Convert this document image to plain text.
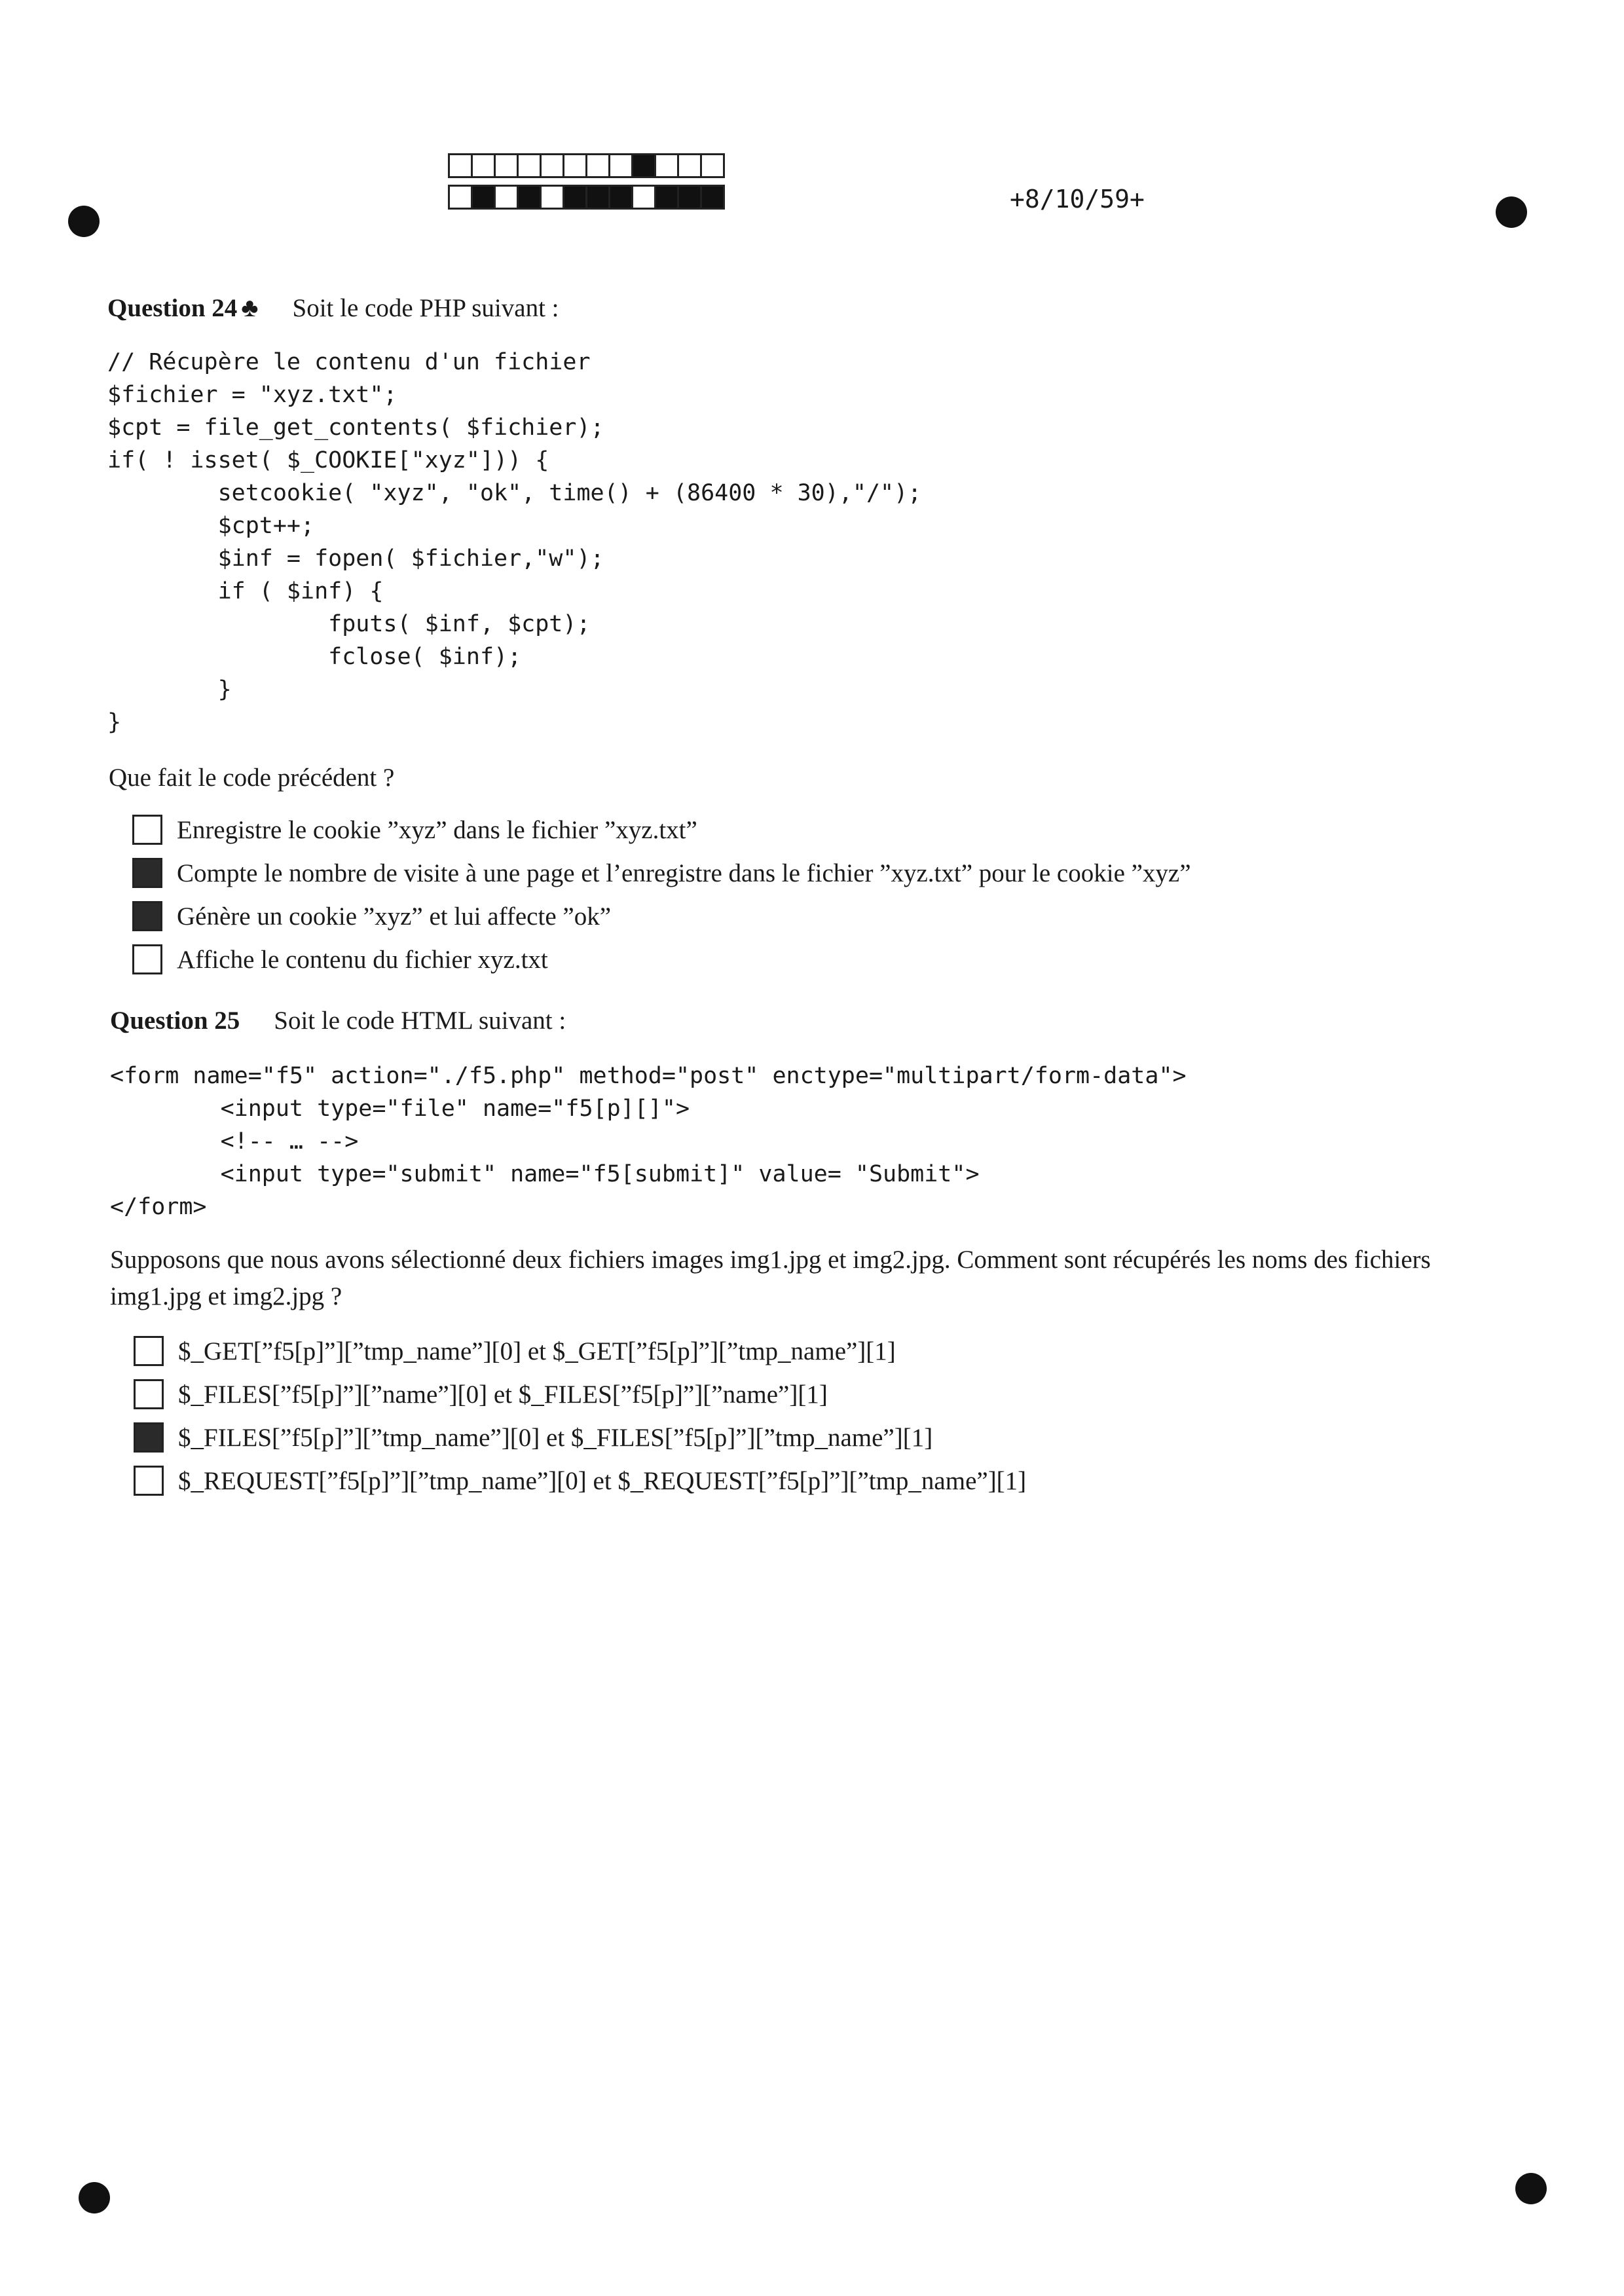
+8/10/59+
Question 24 ♣ Soit le code PHP suivant :
// Récupère le contenu d'un fichier
$fichier = "xyz.txt";
$cpt = file_get_contents( $fichier);
if( ! isset( $_COOKIE["xyz"])) {
setcookie( "xyz", "ok", time() + (86400 * 30),"/");
$cpt++;
$inf = fopen( $fichier,"w");
if ( $inf) {
fputs( $inf, $cpt);
fclose( $inf);
}
}
Que fait le code précédent ?
Enregistre le cookie ”xyz” dans le fichier ”xyz.txt”
Compte le nombre de visite à une page et l’enregistre dans le fichier ”xyz.txt” pour le cookie ”xyz”
Génère un cookie ”xyz” et lui affecte ”ok”
Affiche le contenu du fichier xyz.txt
Question 25 Soit le code HTML suivant :
<form name="f5" action="./f5.php" method="post" enctype="multipart/form-data">
<input type="file" name="f5[p][]">
<!-- … -->
<input type="submit" name="f5[submit]" value= "Submit">
</form>
Supposons que nous avons sélectionné deux fichiers images img1.jpg et img2.jpg. Comment sont récupérés les noms des fichiers img1.jpg et img2.jpg ?
$_GET[”f5[p]”][”tmp_name”][0] et $_GET[”f5[p]”][”tmp_name”][1]
$_FILES[”f5[p]”][”name”][0] et $_FILES[”f5[p]”][”name”][1]
$_FILES[”f5[p]”][”tmp_name”][0] et $_FILES[”f5[p]”][”tmp_name”][1]
$_REQUEST[”f5[p]”][”tmp_name”][0] et $_REQUEST[”f5[p]”][”tmp_name”][1]
